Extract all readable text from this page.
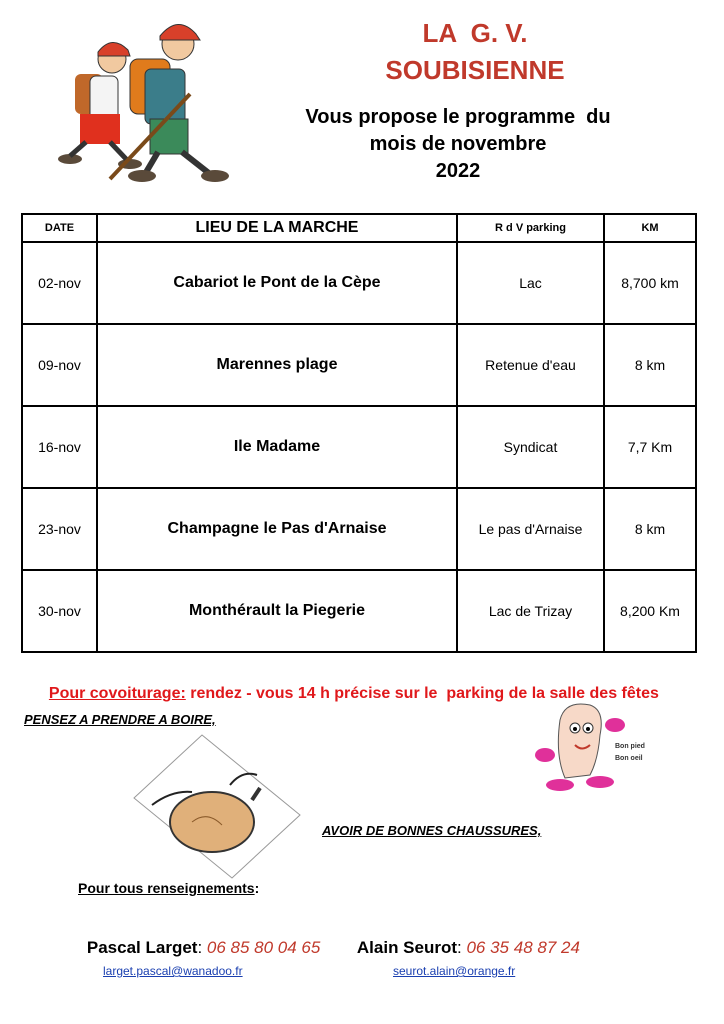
LA  G. V.
SOUBISIENNE
Vous propose le programme  du
mois de novembre
2022
DATE	LIEU DE LA MARCHE	R d V parking	KM
02-nov	Cabariot le Pont de la Cèpe	Lac	8,700 km
09-nov	Marennes plage	Retenue d'eau	8 km
16-nov	Ile Madame	Syndicat	7,7 Km
23-nov	Champagne le Pas d'Arnaise	Le pas d'Arnaise	8 km
30-nov	Monthérault la Piegerie	Lac de Trizay	8,200 Km

Pour covoiturage: rendez - vous 14 h précise sur le  parking de la salle des fêtes

PENSEZ A PRENDRE A BOIRE,
Bon pied
Bon oeil
AVOIR DE BONNES CHAUSSURES,
Pour tous renseignements:

Pascal Larget: 06 85 80 04 65	Alain Seurot: 06 35 48 87 24

larget.pascal@wanadoo.fr	seurot.alain@orange.fr
